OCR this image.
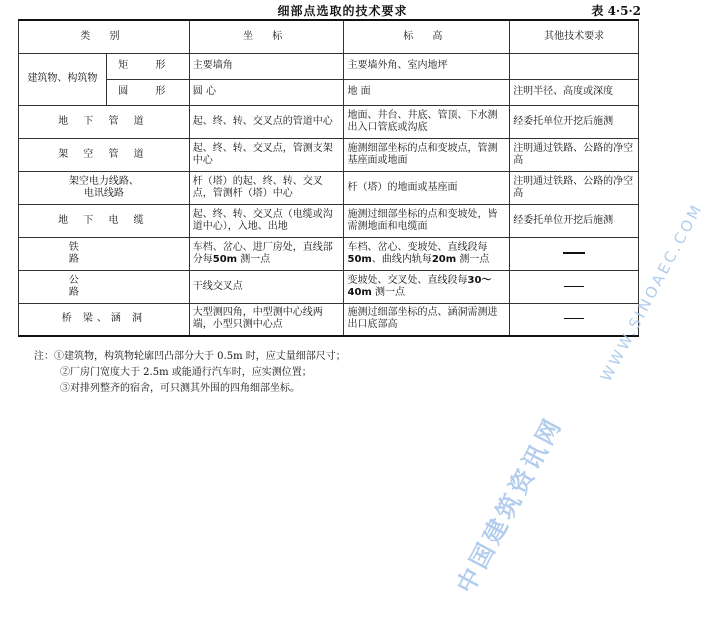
细部点选取的技术要求	表 4·5·2
类 别		坐 标	标 高	其他技术要求
建筑物、构筑物	矩 形	主要墙角	主要墙外角、室内地坪	
	圆 形	圆 心	地 面	注明半径、高度或深度
地 下 管 道		起、终、转、交叉点的管道中心	地面、井台、井底、管顶、下水测出入口管底或沟底	经委托单位开挖后施测
架 空 管 道		起、终、转、交叉点，管测支架中心	施测细部坐标的点和变坡点，管测基座面或地面	注明通过铁路、公路的净空高
架空电力线路、
电讯线路		杆（塔）的起、终、转、交叉点，管测杆（塔）中心	杆（塔）的地面或基座面	注明通过铁路、公路的净空高
地 下 电 缆		起、终、转、交叉点（电缆或沟道中心），入地、出地	施测过细部坐标的点和变坡处，皆需测地面和电缆面	经委托单位开挖后施测
铁 路		车档、岔心、进厂房处，直线部分每50m 测一点	车档、岔心、变坡处、直线段每50m、曲线内轨每20m 测一点	
公 路		干线交叉点	变坡处、交叉处、直线段每30～40m 测一点	
桥 梁、涵 洞		大型测四角，中型测中心线两端，小型只测中心点	施测过细部坐标的点、涵洞需测进出口底部高	
注：①建筑物，构筑物轮廓凹凸部分大于 0.5m 时，应丈量细部尺寸；
②厂房门宽度大于 2.5m 或能通行汽车时，应实测位置；
③对排列整齐的宿舍，可只测其外围的四角细部坐标。
WWW.SINOAEC.COM
中国建筑资讯网
